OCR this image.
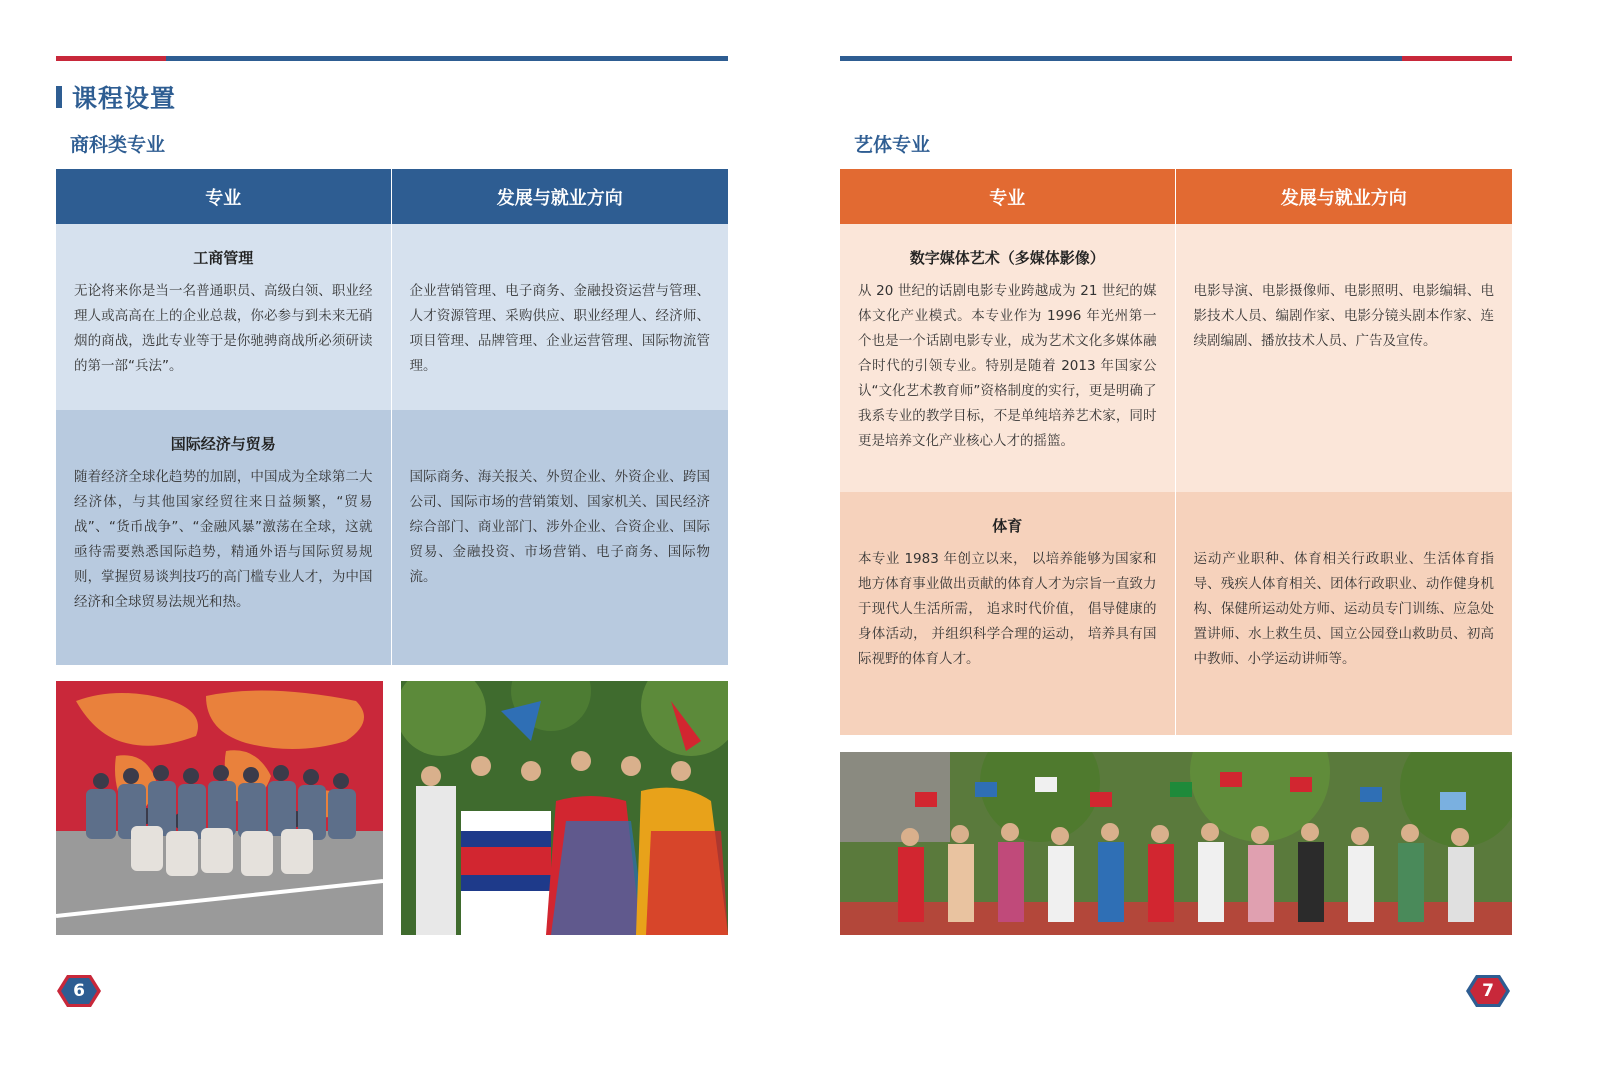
课程设置
商科类专业
专业	发展与就业方向

工商管理
无论将来你是当一名普通职员、高级白领、职业经理人或高高在上的企业总裁，你必参与到未来无硝烟的商战，选此专业等于是你驰骋商战所必须研读的第一部“兵法”。	企业营销管理、电子商务、金融投资运营与管理、人才资源管理、采购供应、职业经理人、经济师、项目管理、品牌管理、企业运营管理、国际物流管理。

国际经济与贸易
随着经济全球化趋势的加剧，中国成为全球第二大经济体，与其他国家经贸往来日益频繁，“贸易战”、“货币战争”、“金融风暴”激荡在全球，这就亟待需要熟悉国际趋势，精通外语与国际贸易规则，掌握贸易谈判技巧的高门槛专业人才，为中国经济和全球贸易法规光和热。	国际商务、海关报关、外贸企业、外资企业、跨国公司、国际市场的营销策划、国家机关、国民经济综合部门、商业部门、涉外企业、合资企业、国际贸易、金融投资、市场营销、电子商务、国际物流。
6
艺体专业
专业	发展与就业方向

数字媒体艺术（多媒体影像）
从 20 世纪的话剧电影专业跨越成为 21 世纪的媒体文化产业模式。本专业作为 1996 年光州第一个也是一个话剧电影专业，成为艺术文化多媒体融合时代的引领专业。特别是随着 2013 年国家公认“文化艺术教育师”资格制度的实行，更是明确了我系专业的教学目标，不是单纯培养艺术家，同时更是培养文化产业核心人才的摇篮。	电影导演、电影摄像师、电影照明、电影编辑、电影技术人员、编剧作家、电影分镜头剧本作家、连续剧编剧、播放技术人员、广告及宣传。

体育
本专业 1983 年创立以来， 以培养能够为国家和地方体育事业做出贡献的体育人才为宗旨一直致力于现代人生活所需， 追求时代价值， 倡导健康的身体活动， 并组织科学合理的运动， 培养具有国际视野的体育人才。	运动产业职种、体育相关行政职业、生活体育指导、残疾人体育相关、团体行政职业、动作健身机构、保健所运动处方师、运动员专门训练、应急处置讲师、水上救生员、国立公园登山救助员、初高中教师、小学运动讲师等。
7
